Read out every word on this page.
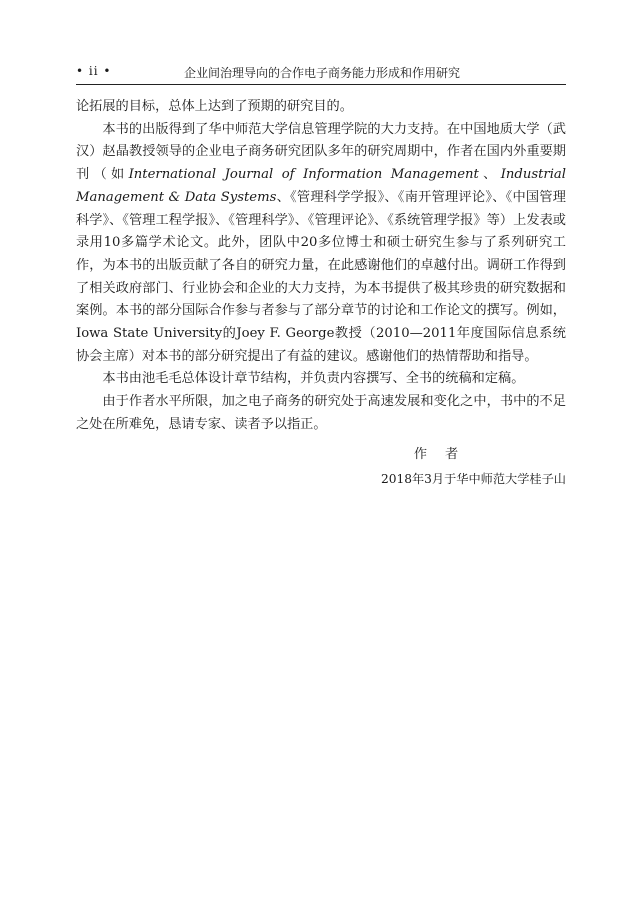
• ii •	企业间治理导向的合作电子商务能力形成和作用研究

论拓展的目标，总体上达到了预期的研究目的。

本书的出版得到了华中师范大学信息管理学院的大力支持。在中国地质大学（武汉）赵晶教授领导的企业电子商务研究团队多年的研究周期中，作者在国内外重要期刊（如International Journal of Information Management、Industrial Management & Data Systems、《管理科学学报》、《南开管理评论》、《中国管理科学》、《管理工程学报》、《管理科学》、《管理评论》、《系统管理学报》等）上发表或录用10多篇学术论文。此外，团队中20多位博士和硕士研究生参与了系列研究工作，为本书的出版贡献了各自的研究力量，在此感谢他们的卓越付出。调研工作得到了相关政府部门、行业协会和企业的大力支持，为本书提供了极其珍贵的研究数据和案例。本书的部分国际合作参与者参与了部分章节的讨论和工作论文的撰写。例如，Iowa State University的Joey F. George教授（2010—2011年度国际信息系统协会主席）对本书的部分研究提出了有益的建议。感谢他们的热情帮助和指导。

本书由池毛毛总体设计章节结构，并负责内容撰写、全书的统稿和定稿。

由于作者水平所限，加之电子商务的研究处于高速发展和变化之中，书中的不足之处在所难免，恳请专家、读者予以指正。

作者
2018年3月于华中师范大学桂子山
